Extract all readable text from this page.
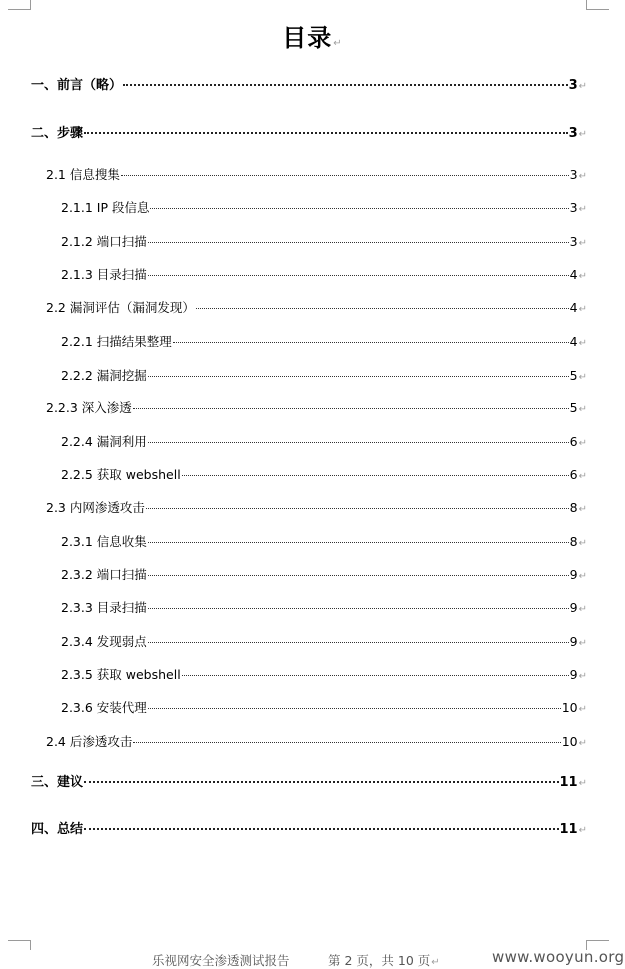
目录↵
一、前言（略）	3 ↵
二、步骤	3 ↵
2.1 信息搜集	3 ↵
2.1.1 IP 段信息	3 ↵
2.1.2 端口扫描	3 ↵
2.1.3 目录扫描	4 ↵
2.2 漏洞评估（漏洞发现）	4 ↵
2.2.1 扫描结果整理	4 ↵
2.2.2 漏洞挖掘	5 ↵
2.2.3 深入渗透	5 ↵
2.2.4 漏洞利用	6 ↵
2.2.5 获取 webshell	6 ↵
2.3 内网渗透攻击	8 ↵
2.3.1 信息收集	8 ↵
2.3.2 端口扫描	9 ↵
2.3.3 目录扫描	9 ↵
2.3.4 发现弱点	9 ↵
2.3.5 获取 webshell	9 ↵
2.3.6 安装代理	10 ↵
2.4 后渗透攻击	10 ↵
三、建议	11 ↵
四、总结	11 ↵
乐视网安全渗透测试报告	第 2 页，共 10 页↵	www.wooyun.org
